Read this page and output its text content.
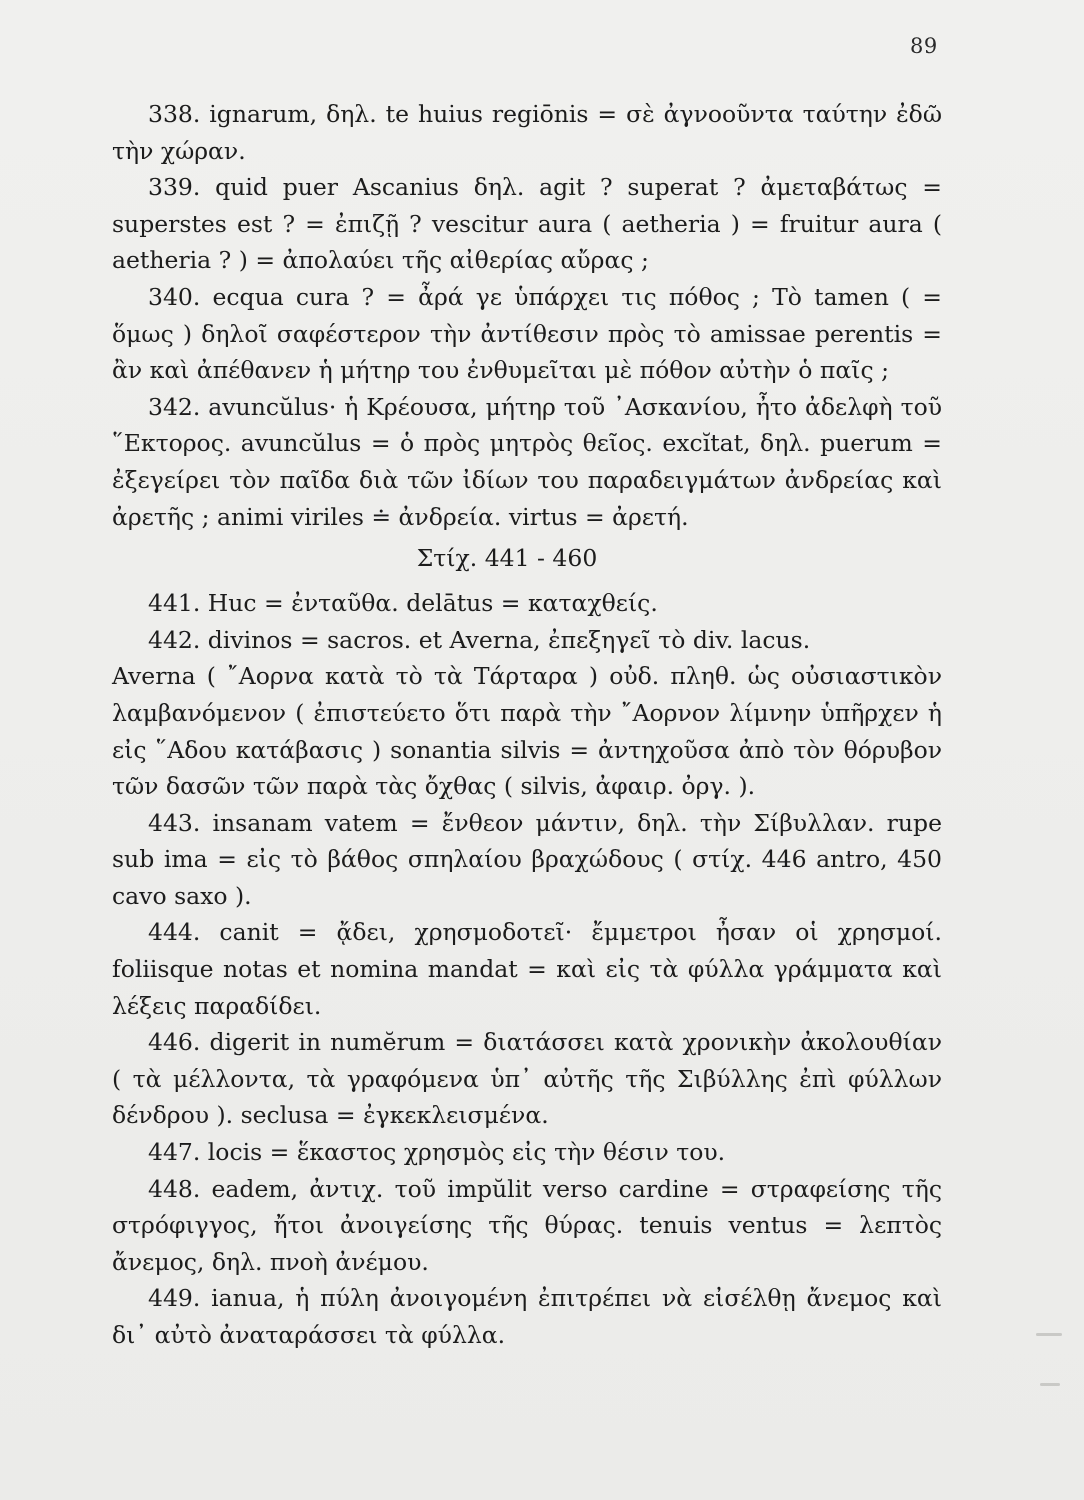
89

338. ignarum, δηλ. te huius regiōnis = σὲ ἀγνοοῦντα ταύτην ἐδῶ τὴν χώραν.

339. quid puer Ascanius δηλ. agit ? superat ? ἀμεταβάτως = superstes est ? = ἐπιζῇ ? vescitur aura ( aetheria ) = fruitur aura ( aetheria ? ) = ἀπολαύει τῆς αἰθερίας αὔρας ;

340. ecqua cura ? = ἆρά γε ὑπάρχει τις πόθος ; Τὸ tamen ( = ὅμως ) δηλοῖ σαφέστερον τὴν ἀντίθεσιν πρὸς τὸ amissae perentis = ἂν καὶ ἀπέθανεν ἡ μήτηρ του ἐνθυμεῖται μὲ πόθον αὐτὴν ὁ παῖς ;

342. avuncŭlus· ἡ Κρέουσα, μήτηρ τοῦ ᾿Ασκανίου, ἦτο ἀδελφὴ τοῦ ῞Εκτορος. avuncŭlus = ὁ πρὸς μητρὸς θεῖος. excĭtat, δηλ. puerum = ἐξεγείρει τὸν παῖδα διὰ τῶν ἰδίων του παραδειγμάτων ἀνδρείας καὶ ἀρετῆς ; animi viriles ≐ ἀνδρεία. virtus = ἀρετή.

Στίχ. 441 - 460

441. Huc = ἐνταῦθα. delātus = καταχθείς.

442. divinos = sacros. et Averna, ἐπεξηγεῖ τὸ div. lacus.

Averna ( ῎Αορνα κατὰ τὸ τὰ Τάρταρα ) οὐδ. πληθ. ὡς οὐσιαστικὸν λαμβανόμενον ( ἐπιστεύετο ὅτι παρὰ τὴν ῎Αορνον λίμνην ὑπῆρχεν ἡ εἰς ῞Αδου κατάβασις ) sonantia silvis = ἀντηχοῦσα ἀπὸ τὸν θόρυβον τῶν δασῶν τῶν παρὰ τὰς ὄχθας ( silvis, ἀφαιρ. ὀργ. ).

443. insanam vatem = ἔνθεον μάντιν, δηλ. τὴν Σίβυλλαν. rupe sub ima = εἰς τὸ βάθος σπηλαίου βραχώδους ( στίχ. 446 antro, 450 cavo saxo ).

444. canit = ᾄδει, χρησμοδοτεῖ· ἔμμετροι ἦσαν οἱ χρησμοί. foliisque notas et nomina mandat = καὶ εἰς τὰ φύλλα γράμματα καὶ λέξεις παραδίδει.

446. digerit in numĕrum = διατάσσει κατὰ χρονικὴν ἀκολουθίαν ( τὰ μέλλοντα, τὰ γραφόμενα ὑπ᾿ αὐτῆς τῆς Σιβύλλης ἐπὶ φύλλων δένδρου ). seclusa = ἐγκεκλεισμένα.

447. locis = ἕκαστος χρησμὸς εἰς τὴν θέσιν του.

448. eadem, ἀντιχ. τοῦ impŭlit verso cardine = στραφείσης τῆς στρόφιγγος, ἤτοι ἀνοιγείσης τῆς θύρας. tenuis ventus = λεπτὸς ἄνεμος, δηλ. πνοὴ ἀνέμου.

449. ianua, ἡ πύλη ἀνοιγομένη ἐπιτρέπει νὰ εἰσέλθῃ ἄνεμος καὶ δι᾿ αὐτὸ ἀναταράσσει τὰ φύλλα.
